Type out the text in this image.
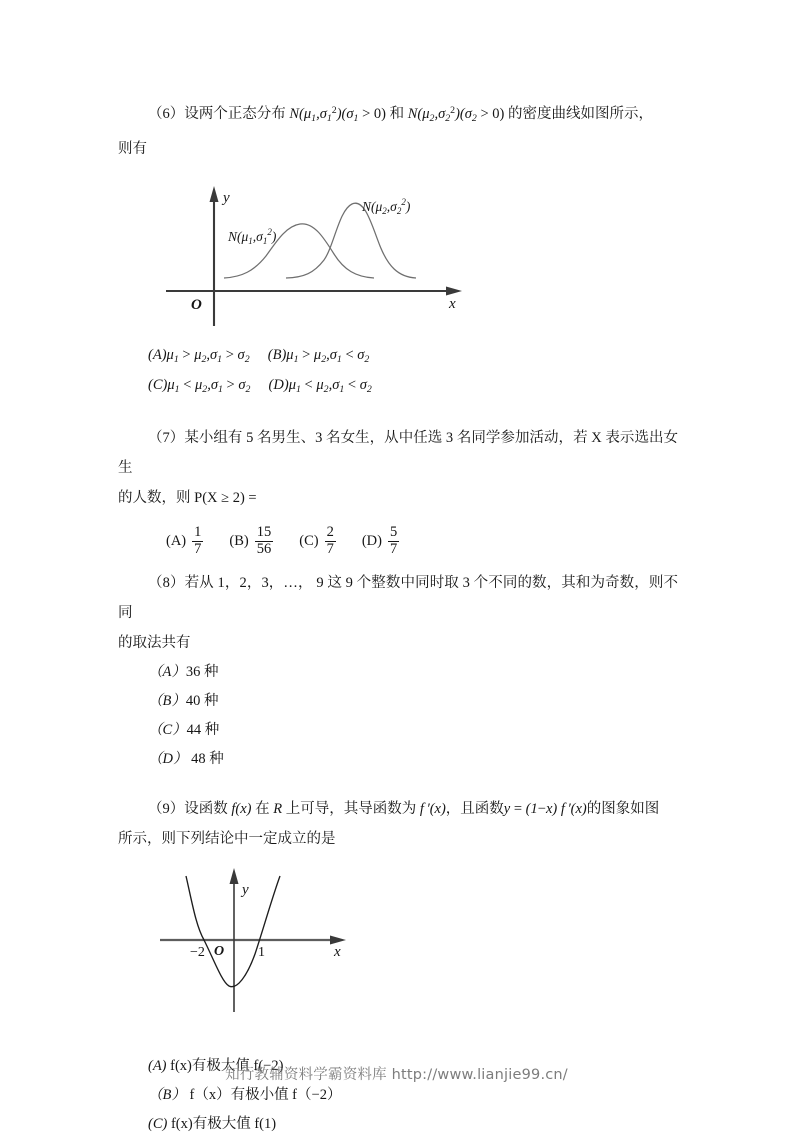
（6）设两个正态分布 $N(\mu_1,\sigma_1^2)(\sigma_1 > 0)$ 和 $N(\mu_2,\sigma_2^2)(\sigma_2 > 0)$ 的密度曲线如图所示，
则有
y
x
O
$N(\mu_1,\sigma_1^2)$
$N(\mu_2,\sigma_2^2)$
$(A)\mu_1 > \mu_2,\sigma_1 > \sigma_2$ $(B)\mu_1 > \mu_2,\sigma_1 < \sigma_2$
$(C)\mu_1 < \mu_2,\sigma_1 > \sigma_2$ $(D)\mu_1 < \mu_2,\sigma_1 < \sigma_2$
（7）某小组有 5 名男生、3 名女生，从中任选 3 名同学参加活动，若 X 表示选出女生
的人数，则 P(X ≥ 2) =
$(A) \frac{1}{7} (B) \frac{15}{56} (C) \frac{2}{7} (D) \frac{5}{7}$
（8）若从 1，2，3，…， 9 这 9 个整数中同时取 3 个不同的数，其和为奇数，则不同
的取法共有
（A）36 种
（B）40 种
（C）44 种
（D） 48 种
（9）设函数 f(x) 在 R 上可导，其导函数为 f ′(x)，且函数y = (1−x) f ′(x)的图象如图
所示，则下列结论中一定成立的是
y
x
O
−2	1
(A) f(x)有极大值 f(−2)
（B） f（x）有极小值 f（−2）
(C) f(x)有极大值 f(1)
知行教辅资料学霸资料库 http://www.lianjie99.cn/
